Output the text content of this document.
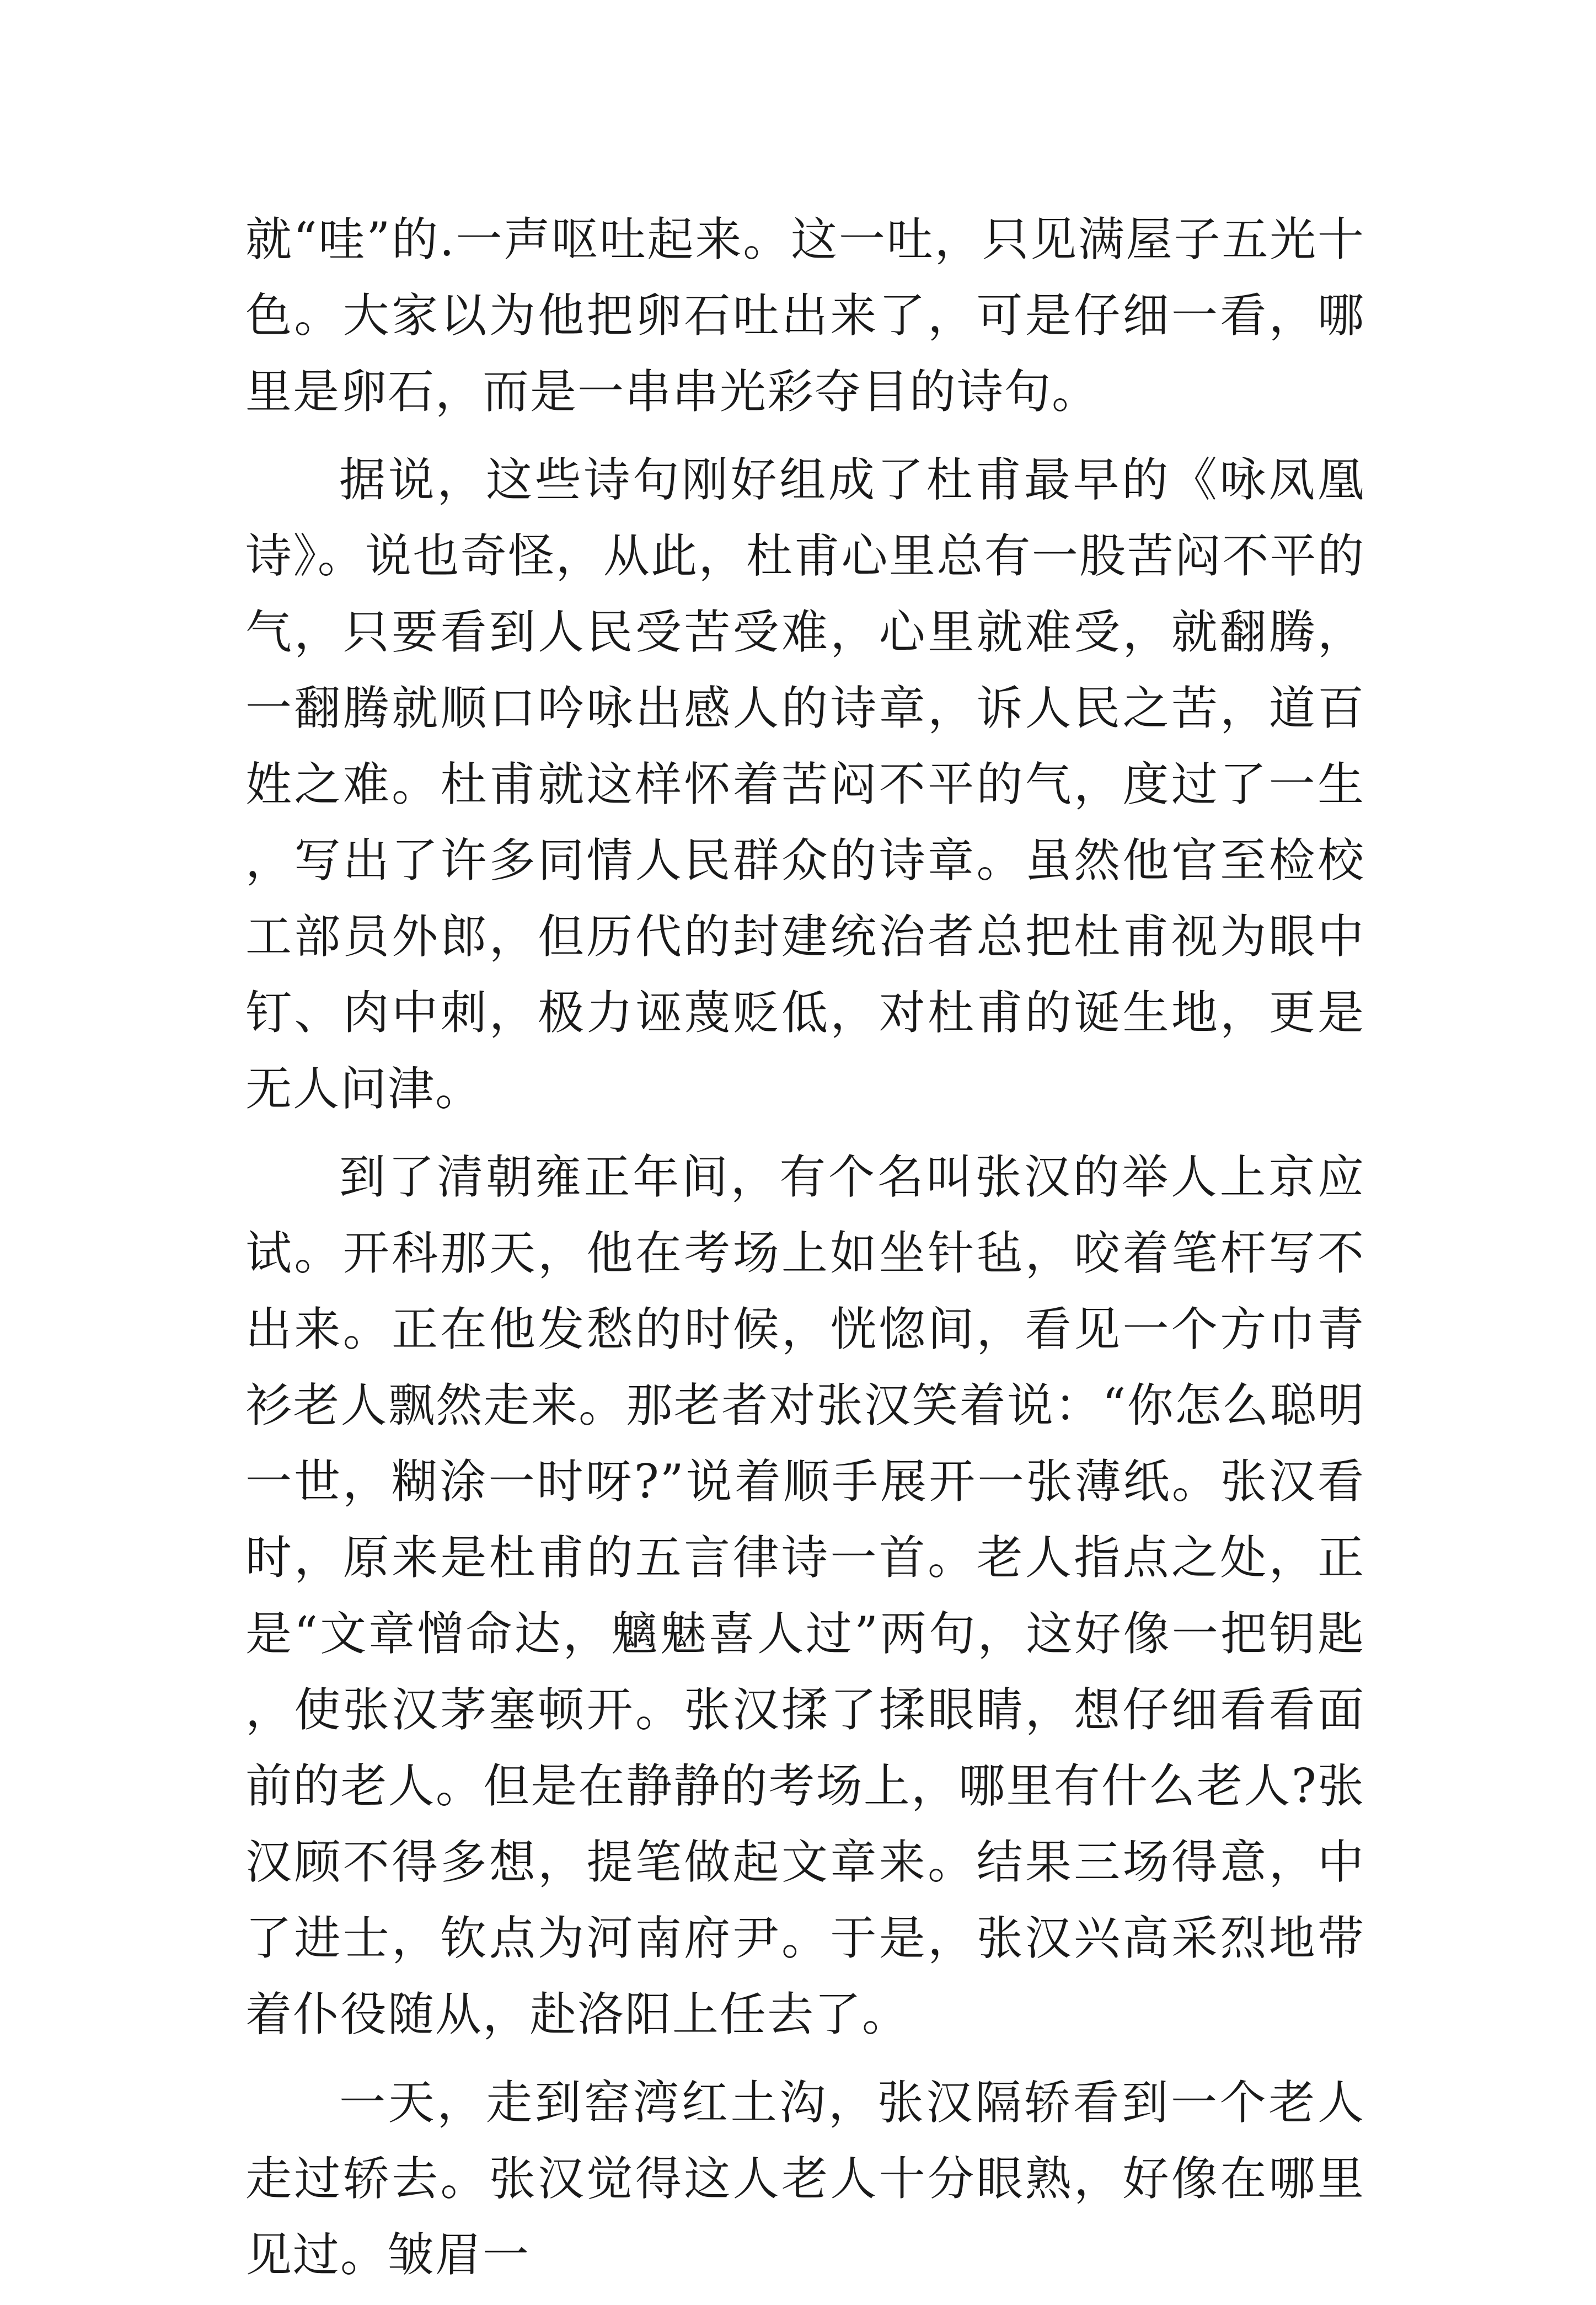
就“哇”的.一声呕吐起来。这一吐，只见满屋子五光十色。大家以为他把卵石吐出来了，可是仔细一看，哪里是卵石，而是一串串光彩夺目的诗句。

据说，这些诗句刚好组成了杜甫最早的《咏凤凰诗》。说也奇怪，从此，杜甫心里总有一股苦闷不平的气，只要看到人民受苦受难，心里就难受，就翻腾，一翻腾就顺口吟咏出感人的诗章，诉人民之苦，道百姓之难。杜甫就这样怀着苦闷不平的气，度过了一生，写出了许多同情人民群众的诗章。虽然他官至检校工部员外郎，但历代的封建统治者总把杜甫视为眼中钉、肉中刺，极力诬蔑贬低，对杜甫的诞生地，更是无人问津。

到了清朝雍正年间，有个名叫张汉的举人上京应试。开科那天，他在考场上如坐针毡，咬着笔杆写不出来。正在他发愁的时候，恍惚间，看见一个方巾青衫老人飘然走来。那老者对张汉笑着说：“你怎么聪明一世，糊涂一时呀?”说着顺手展开一张薄纸。张汉看时，原来是杜甫的五言律诗一首。老人指点之处，正是“文章憎命达，魑魅喜人过”两句，这好像一把钥匙，使张汉茅塞顿开。张汉揉了揉眼睛，想仔细看看面前的老人。但是在静静的考场上，哪里有什么老人?张汉顾不得多想，提笔做起文章来。结果三场得意，中了进士，钦点为河南府尹。于是，张汉兴高采烈地带着仆役随从，赴洛阳上任去了。

一天，走到窑湾红土沟，张汉隔轿看到一个老人走过轿去。张汉觉得这人老人十分眼熟，好像在哪里见过。皱眉一
